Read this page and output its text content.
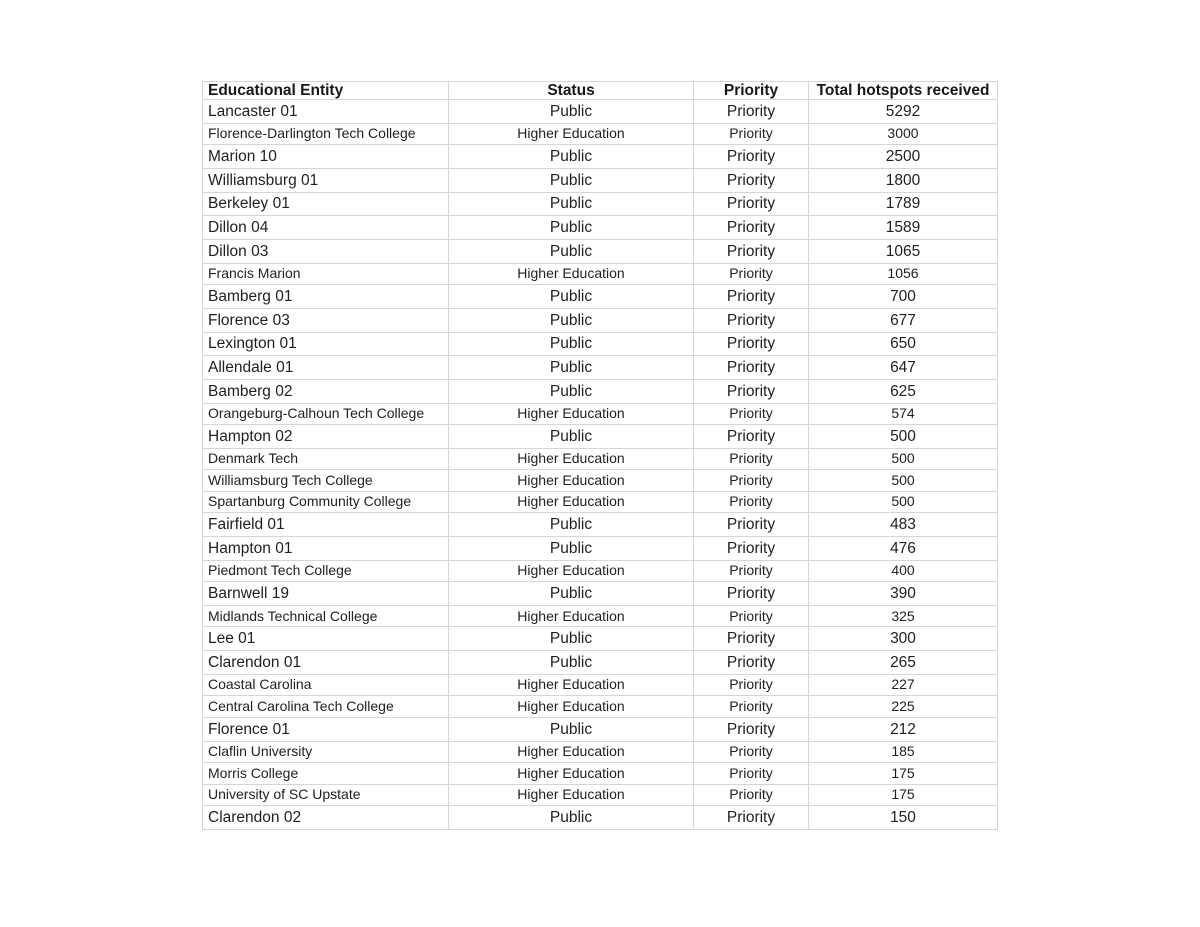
Educational Entity	Status	Priority	Total hotspots received
Lancaster 01	Public	Priority	5292
Florence-Darlington Tech College	Higher Education	Priority	3000
Marion 10	Public	Priority	2500
Williamsburg 01	Public	Priority	1800
Berkeley 01	Public	Priority	1789
Dillon 04	Public	Priority	1589
Dillon 03	Public	Priority	1065
Francis Marion	Higher Education	Priority	1056
Bamberg 01	Public	Priority	700
Florence 03	Public	Priority	677
Lexington 01	Public	Priority	650
Allendale 01	Public	Priority	647
Bamberg 02	Public	Priority	625
Orangeburg-Calhoun Tech College	Higher Education	Priority	574
Hampton 02	Public	Priority	500
Denmark Tech	Higher Education	Priority	500
Williamsburg Tech College	Higher Education	Priority	500
Spartanburg Community College	Higher Education	Priority	500
Fairfield 01	Public	Priority	483
Hampton 01	Public	Priority	476
Piedmont Tech College	Higher Education	Priority	400
Barnwell 19	Public	Priority	390
Midlands Technical College	Higher Education	Priority	325
Lee 01	Public	Priority	300
Clarendon 01	Public	Priority	265
Coastal Carolina	Higher Education	Priority	227
Central Carolina Tech College	Higher Education	Priority	225
Florence 01	Public	Priority	212
Claflin University	Higher Education	Priority	185
Morris College	Higher Education	Priority	175
University of SC Upstate	Higher Education	Priority	175
Clarendon 02	Public	Priority	150
